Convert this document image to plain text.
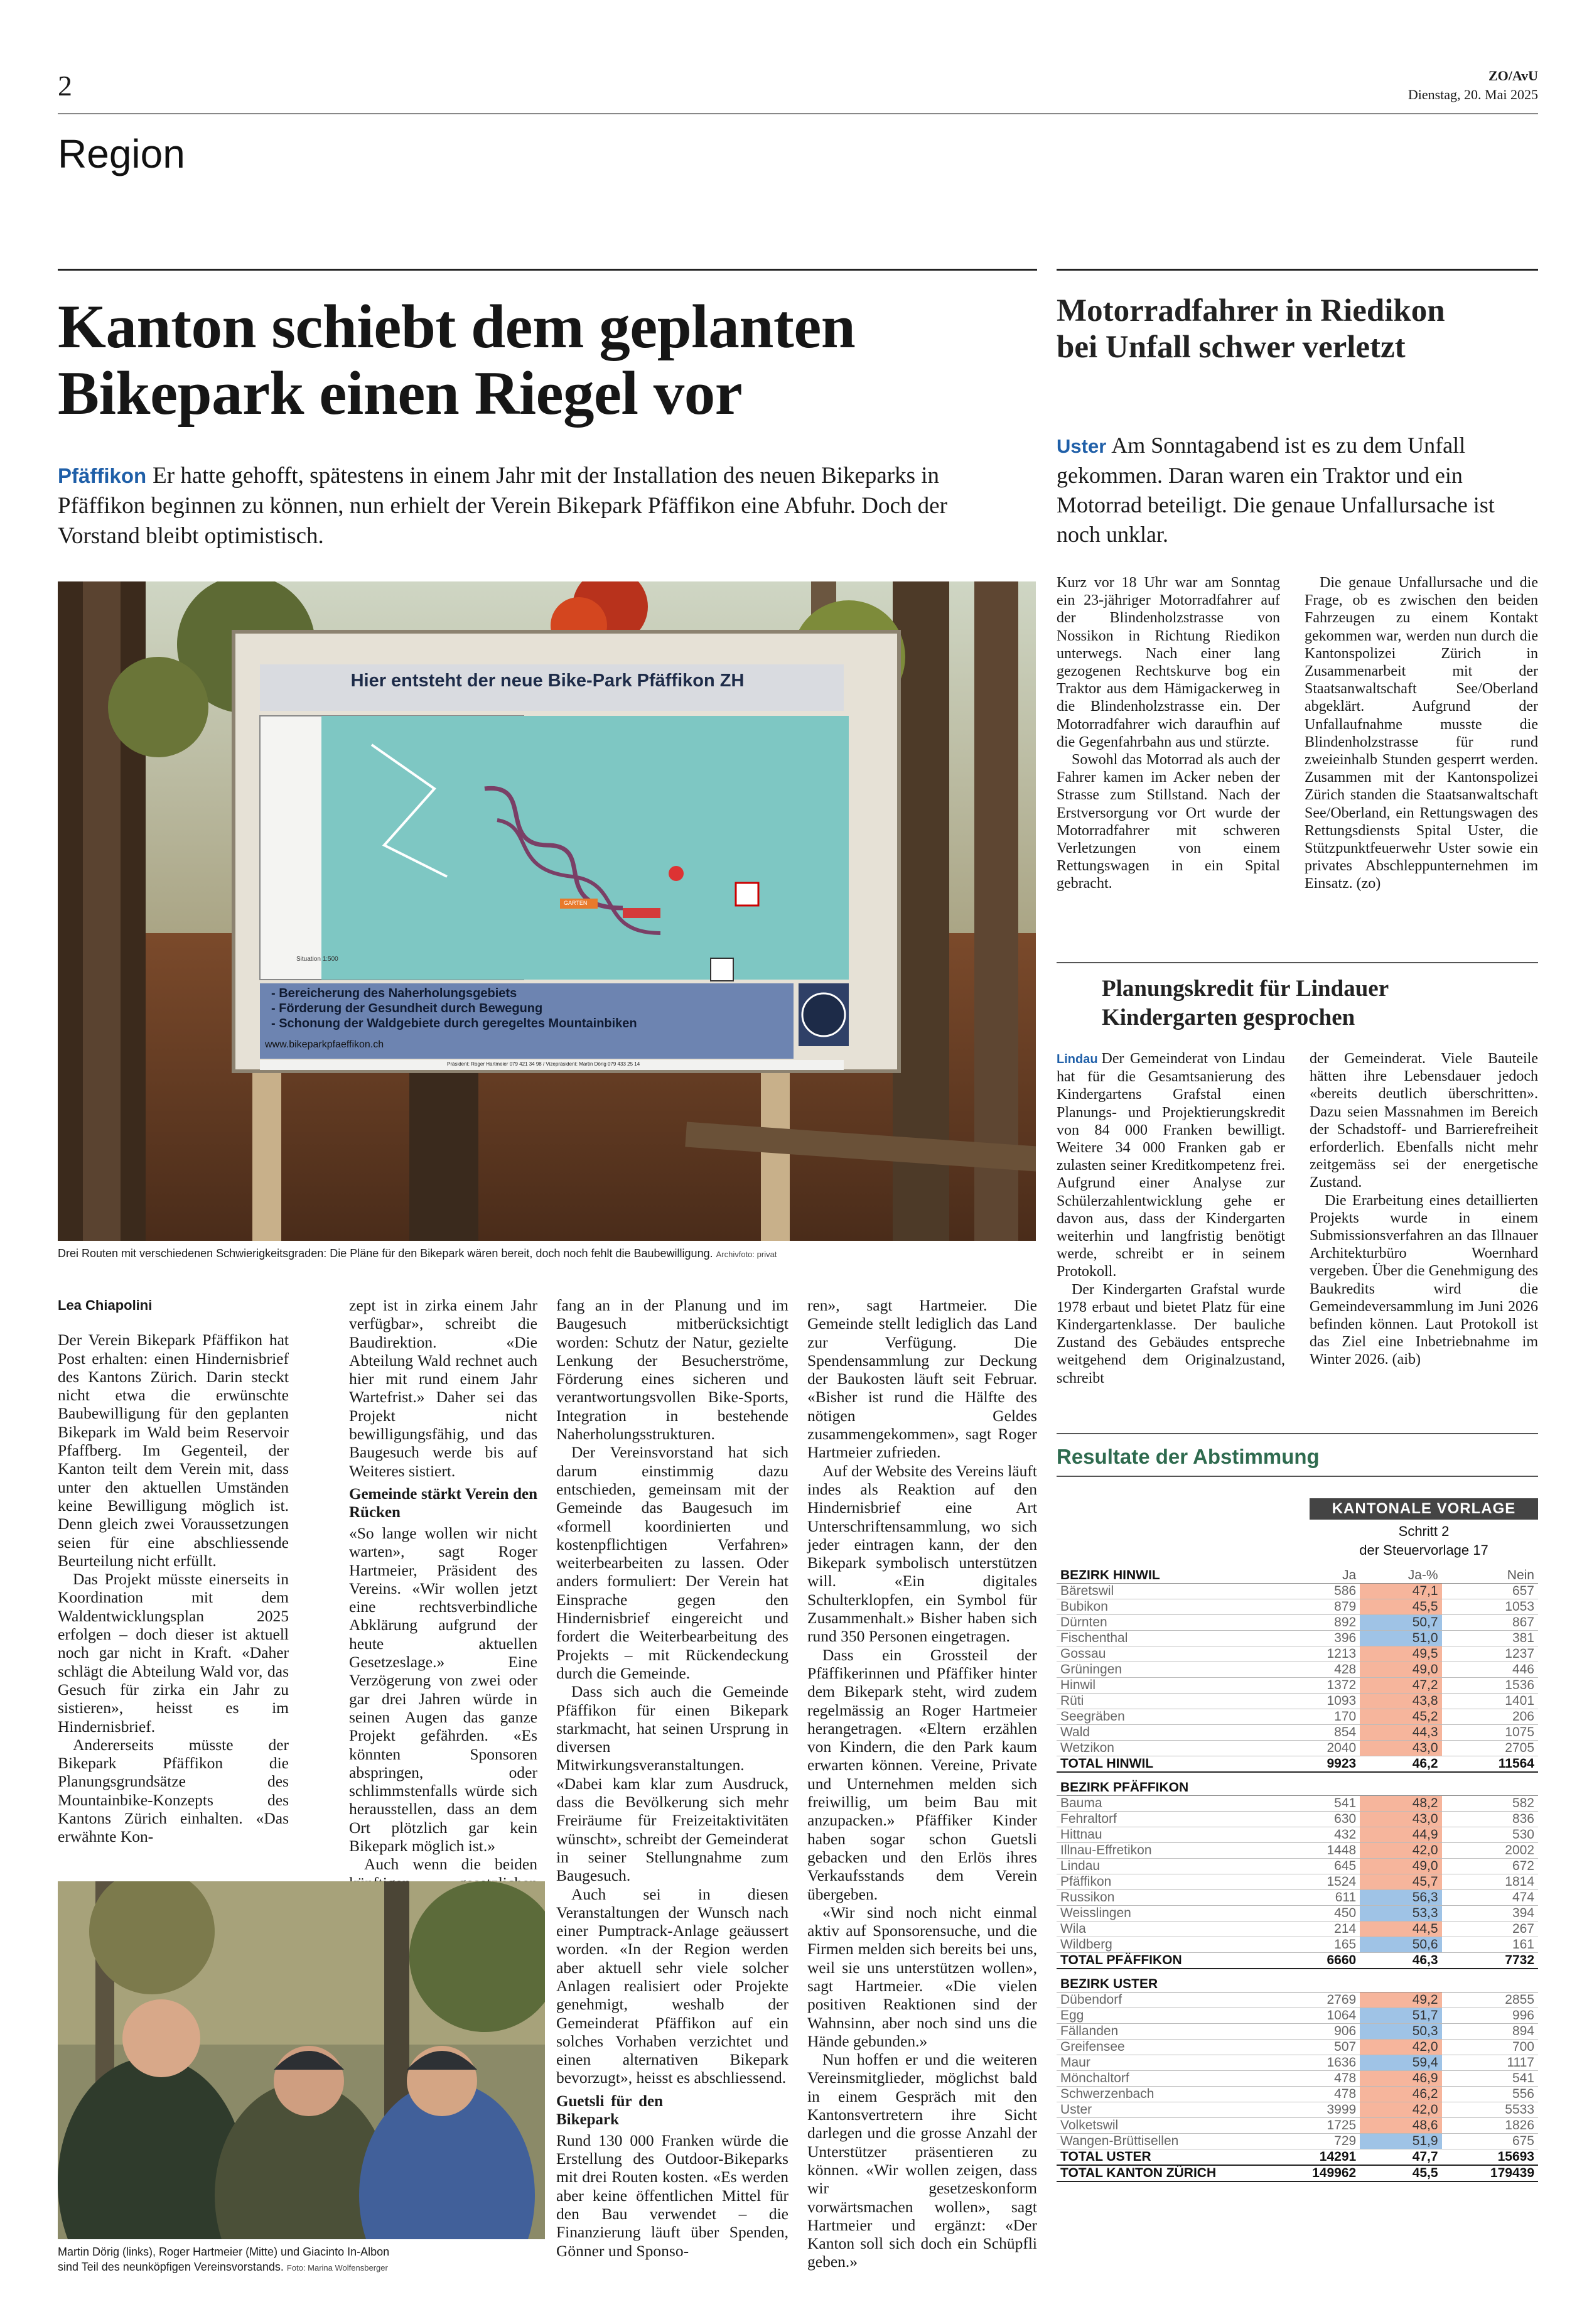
2	ZO/AvU
Dienstag, 20. Mai 2025
Region
Kanton schiebt dem geplanten
Bikepark einen Riegel vor
Pfäffikon Er hatte gehofft, spätestens in einem Jahr mit der Installation des neuen Bikeparks in Pfäffikon beginnen zu können, nun erhielt der Verein Bikepark Pfäffikon eine Abfuhr. Doch der Vorstand bleibt optimistisch.
Hier entsteht der neue Bike-Park Pfäffikon ZH
Situation 1:500
GARTEN
- Bereicherung des Naherholungsgebiets
- Förderung der Gesundheit durch Bewegung
- Schonung der Waldgebiete durch geregeltes Mountainbiken
www.bikeparkpfaeffikon.ch
Präsident: Roger Hartmeier 079 421 34 98 / Vizepräsident: Martin Dörig 079 433 25 14
Drei Routen mit verschiedenen Schwierigkeitsgraden: Die Pläne für den Bikepark wären bereit, doch noch fehlt die Baubewilligung. Archivfoto: privat
Lea Chiapolini

Der Verein Bikepark Pfäffikon hat Post erhalten: einen Hindernisbrief des Kantons Zürich. Darin steckt nicht etwa die erwünschte Baubewilligung für den geplanten Bikepark im Wald beim Reservoir Pfaffberg. Im Gegenteil, der Kanton teilt dem Verein mit, dass unter den aktuellen Umständen keine Bewilligung möglich ist. Denn gleich zwei Voraussetzungen seien für eine abschliessende Beurteilung nicht erfüllt.

Das Projekt müsste einerseits in Koordination mit dem Waldentwicklungsplan 2025 erfolgen – doch dieser ist aktuell noch gar nicht in Kraft. «Daher schlägt die Abteilung Wald vor, das Gesuch für zirka ein Jahr zu sistieren», heisst es im Hindernisbrief.

Andererseits müsste der Bikepark Pfäffikon die Planungsgrundsätze des Mountainbike-Konzepts des Kantons Zürich einhalten. «Das erwähnte Kon-

zept ist in zirka einem Jahr verfügbar», schreibt die Baudirektion. «Die Abteilung Wald rechnet auch hier mit rund einem Jahr Wartefrist.» Daher sei das Projekt nicht bewilligungsfähig, und das Baugesuch werde bis auf Weiteres sistiert.

Gemeinde stärkt Verein den Rücken

«So lange wollen wir nicht warten», sagt Roger Hartmeier, Präsident des Vereins. «Wir wollen jetzt eine rechtsverbindliche Abklärung aufgrund der heute aktuellen Gesetzeslage.» Eine Verzögerung von zwei oder gar drei Jahren würde in seinen Augen das ganze Projekt gefährden. «Es könnten Sponsoren abspringen, oder schlimmstenfalls würde sich herausstellen, dass an dem Ort plötzlich gar kein Bikepark möglich ist.»

Auch wenn die beiden

fang an in der Planung und im Baugesuch mitberücksichtigt worden: Schutz der Natur, gezielte Lenkung der Besucherströme, Förderung eines sicheren und verantwortungsvollen Bike-Sports, Integration in bestehende Naherholungsstrukturen.

Der Vereinsvorstand hat sich darum einstimmig dazu entschieden, gemeinsam mit der Gemeinde das Baugesuch im «formell koordinierten und kostenpflichtigen Verfahren» weiterbearbeiten zu lassen. Oder anders formuliert: Der Verein hat Einsprache gegen den Hindernisbrief eingereicht und fordert die Weiterbearbeitung des Projekts – mit Rückendeckung durch die Gemeinde.

Dass sich auch die Gemeinde Pfäffikon für einen Bikepark starkmacht, hat seinen Ursprung in diversen Mitwirkungsveranstaltungen. «Dabei kam klar zum Ausdruck, dass die Bevölkerung sich mehr Freiräume für Freizeitaktivitäten wünscht», schreibt der Gemeinderat in seiner Stellungnahme zum Baugesuch.

Auch sei in diesen Veranstaltungen der Wunsch nach einer Pumptrack-Anlage geäussert worden. «In der Region werden aber aktuell sehr viele solcher Anlagen realisiert oder Projekte genehmigt, weshalb der Gemeinderat Pfäffikon auf ein solches Vorhaben verzichtet und einen alternativen Bikepark bevorzugt», heisst es abschliessend.

Guetsli für den Bikepark

Rund 130 000 Franken würde die Erstellung des Outdoor-Bikeparks mit drei Routen kosten. «Es werden aber keine öffentlichen Mittel für den Bau verwendet – die Finanzierung läuft über Spenden, Gönner und Sponso-

ren», sagt Hartmeier. Die Gemeinde stellt lediglich das Land zur Verfügung. Die Spendensammlung zur Deckung der Baukosten läuft seit Februar. «Bisher ist rund die Hälfte des nötigen Geldes zusammengekommen», sagt Roger Hartmeier zufrieden.

Auf der Website des Vereins läuft indes als Reaktion auf den Hindernisbrief eine Art Unterschriftensammlung, wo sich jeder eintragen kann, der den Bikepark symbolisch unterstützen will. «Ein digitales Schulterklopfen, ein Symbol für Zusammenhalt.» Bisher haben sich rund 350 Personen eingetragen.

Dass ein Grossteil der Pfäffikerinnen und Pfäffiker hinter dem Bikepark steht, wird zudem regelmässig an Roger Hartmeier herangetragen. «Eltern erzählen von Kindern, die den Park kaum erwarten können. Vereine, Private und Unternehmen melden sich freiwillig, um beim Bau mit anzupacken.» Pfäffiker Kinder haben sogar schon Guetsli gebacken und den Erlös ihres Verkaufsstands dem Verein übergeben.

«Wir sind noch nicht einmal aktiv auf Sponsorensuche, und die Firmen melden sich bereits bei uns, weil sie uns unterstützen wollen», sagt Hartmeier. «Die vielen positiven Reaktionen sind der Wahnsinn, aber noch sind uns die Hände gebunden.»

Nun hoffen er und die weiteren Vereinsmitglieder, möglichst bald in einem Gespräch mit den Kantonsvertretern ihre Sicht darlegen und die grosse Anzahl der Unterstützer präsentieren zu können. «Wir wollen zeigen, dass wir gesetzeskonform vorwärtsmachen wollen», sagt Hartmeier und ergänzt: «Der Kanton soll sich doch ein Schüpfli geben.»

Martin Dörig (links), Roger Hartmeier (Mitte) und Giacinto In-Albon
sind Teil des neunköpfigen Vereinsvorstands. Foto: Marina Wolfensberger
Motorradfahrer in Riedikon bei Unfall schwer verletzt
Uster Am Sonntagabend ist es zu dem Unfall gekommen. Daran waren ein Traktor und ein Motorrad beteiligt. Die genaue Unfallursache ist noch unklar.

Kurz vor 18 Uhr war am Sonntag ein 23-jähriger Motorradfahrer auf der Blindenholzstrasse von Nossikon in Richtung Riedikon unterwegs. Nach einer lang gezogenen Rechtskurve bog ein Traktor aus dem Hämigackerweg in die Blindenholzstrasse ein. Der Motorradfahrer wich daraufhin auf die Gegenfahrbahn aus und stürzte.

Sowohl das Motorrad als auch der Fahrer kamen im Acker neben der Strasse zum Stillstand. Nach der Erstversorgung vor Ort wurde der Motorradfahrer mit schweren Verletzungen von einem Rettungswagen in ein Spital gebracht.

Die genaue Unfallursache und die Frage, ob es zwischen den beiden Fahrzeugen zu einem Kontakt gekommen war, werden nun durch die Kantonspolizei Zürich in Zusammenarbeit mit der Staatsanwaltschaft See/Oberland abgeklärt. Aufgrund der Unfallaufnahme musste die Blindenholzstrasse für rund zweieinhalb Stunden gesperrt werden. Zusammen mit der Kantonspolizei Zürich standen die Staatsanwaltschaft See/Oberland, ein Rettungswagen des Rettungsdiensts Spital Uster, die Stützpunktfeuerwehr Uster sowie ein privates Abschleppunternehmen im Einsatz. (zo)

Planungskredit für Lindauer Kindergarten gesprochen

Lindau Der Gemeinderat von Lindau hat für die Gesamtsanierung des Kindergartens Grafstal einen Planungs- und Projektierungskredit von 84 000 Franken bewilligt. Weitere 34 000 Franken gab er zulasten seiner Kreditkompetenz frei. Aufgrund einer Analyse zur Schülerzahlentwicklung gehe er davon aus, dass der Kindergarten weiterhin und langfristig benötigt werde, schreibt er in seinem Protokoll.

Der Kindergarten Grafstal wurde 1978 erbaut und bietet Platz für eine Kindergartenklasse. Der bauliche Zustand des Gebäudes entspreche weitgehend dem Originalzustand, schreibt

der Gemeinderat. Viele Bauteile hätten ihre Lebensdauer jedoch «bereits deutlich überschritten». Dazu seien Massnahmen im Bereich der Schadstoff- und Barrierefreiheit erforderlich. Ebenfalls nicht mehr zeitgemäss sei der energetische Zustand.

Die Erarbeitung eines detaillierten Projekts wurde in einem Submissionsverfahren an das Illnauer Architekturbüro Woernhard vergeben. Über die Genehmigung des Baukredits wird die Gemeindeversammlung im Juni 2026 befinden können. Laut Protokoll ist das Ziel eine Inbetriebnahme im Winter 2026. (aib)

Resultate der Abstimmung
KANTONALE VORLAGE
Schritt 2
der Steuervorlage 17
BEZIRK HINWIL	Ja	Ja-%	Nein
Bäretswil	586	47,1	657
Bubikon	879	45,5	1053
Dürnten	892	50,7	867
Fischenthal	396	51,0	381
Gossau	1213	49,5	1237
Grüningen	428	49,0	446
Hinwil	1372	47,2	1536
Rüti	1093	43,8	1401
Seegräben	170	45,2	206
Wald	854	44,3	1075
Wetzikon	2040	43,0	2705
TOTAL HINWIL	9923	46,2	11564
BEZIRK PFÄFFIKON			
Bauma	541	48,2	582
Fehraltorf	630	43,0	836
Hittnau	432	44,9	530
Illnau-Effretikon	1448	42,0	2002
Lindau	645	49,0	672
Pfäffikon	1524	45,7	1814
Russikon	611	56,3	474
Weisslingen	450	53,3	394
Wila	214	44,5	267
Wildberg	165	50,6	161
TOTAL PFÄFFIKON	6660	46,3	7732
BEZIRK USTER			
Dübendorf	2769	49,2	2855
Egg	1064	51,7	996
Fällanden	906	50,3	894
Greifensee	507	42,0	700
Maur	1636	59,4	1117
Mönchaltorf	478	46,9	541
Schwerzenbach	478	46,2	556
Uster	3999	42,0	5533
Volketswil	1725	48,6	1826
Wangen-Brüttisellen	729	51,9	675
TOTAL USTER	14291	47,7	15693
TOTAL KANTON ZÜRICH	149962	45,5	179439
